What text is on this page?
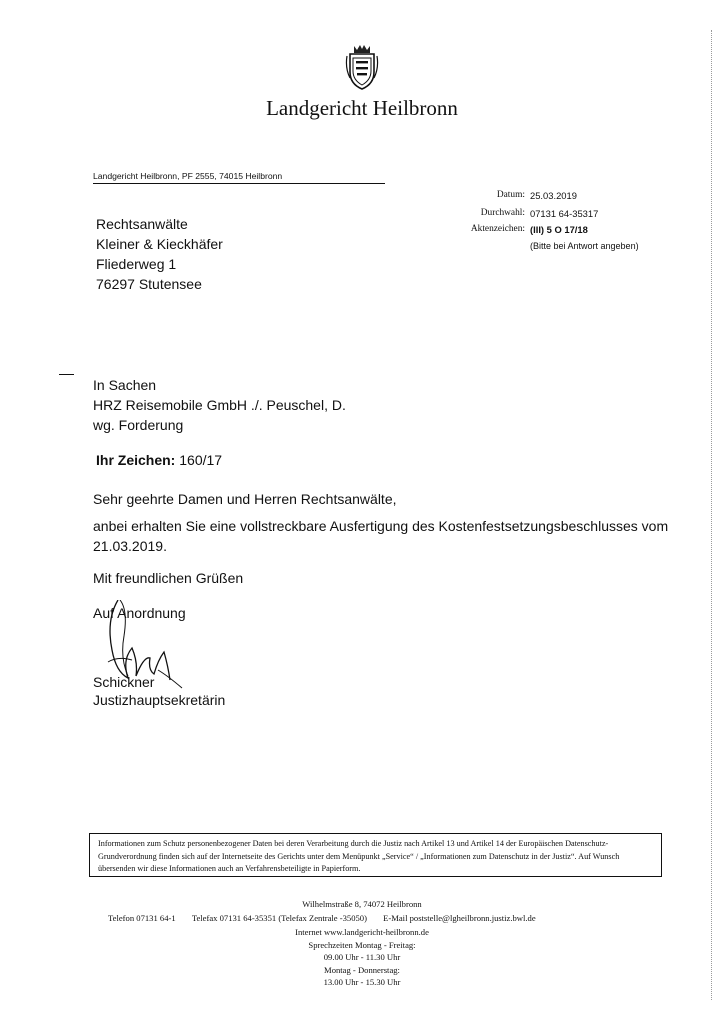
Landgericht Heilbronn
Landgericht Heilbronn, PF 2555, 74015 Heilbronn
Datum: 25.03.2019
Durchwahl: 07131 64-35317
Aktenzeichen: (III) 5 O 17/18
(Bitte bei Antwort angeben)
Rechtsanwälte
Kleiner & Kieckhäfer
Fliederweg 1
76297 Stutensee
In Sachen
HRZ Reisemobile GmbH ./. Peuschel, D.
wg. Forderung
Ihr Zeichen: 160/17
Sehr geehrte Damen und Herren Rechtsanwälte,
anbei erhalten Sie eine vollstreckbare Ausfertigung des Kostenfestsetzungsbeschlusses vom
21.03.2019.
Mit freundlichen Grüßen
Auf Anordnung
Schickner
Justizhauptsekretärin
Informationen zum Schutz personenbezogener Daten bei deren Verarbeitung durch die Justiz nach Artikel 13 und Artikel 14 der Europäischen Datenschutz-Grundverordnung finden sich auf der Internetseite des Gerichts unter dem Menüpunkt „Service“ / „Informationen zum Datenschutz in der Justiz“. Auf Wunsch übersenden wir diese Informationen auch an Verfahrensbeteiligte in Papierform.
Wilhelmstraße 8, 74072 Heilbronn
Telefon 07131 64-1 Telefax 07131 64-35351 (Telefax Zentrale -35050) E-Mail poststelle@lgheilbronn.justiz.bwl.de
Internet www.landgericht-heilbronn.de
Sprechzeiten Montag - Freitag:
09.00 Uhr - 11.30 Uhr
Montag - Donnerstag:
13.00 Uhr - 15.30 Uhr
